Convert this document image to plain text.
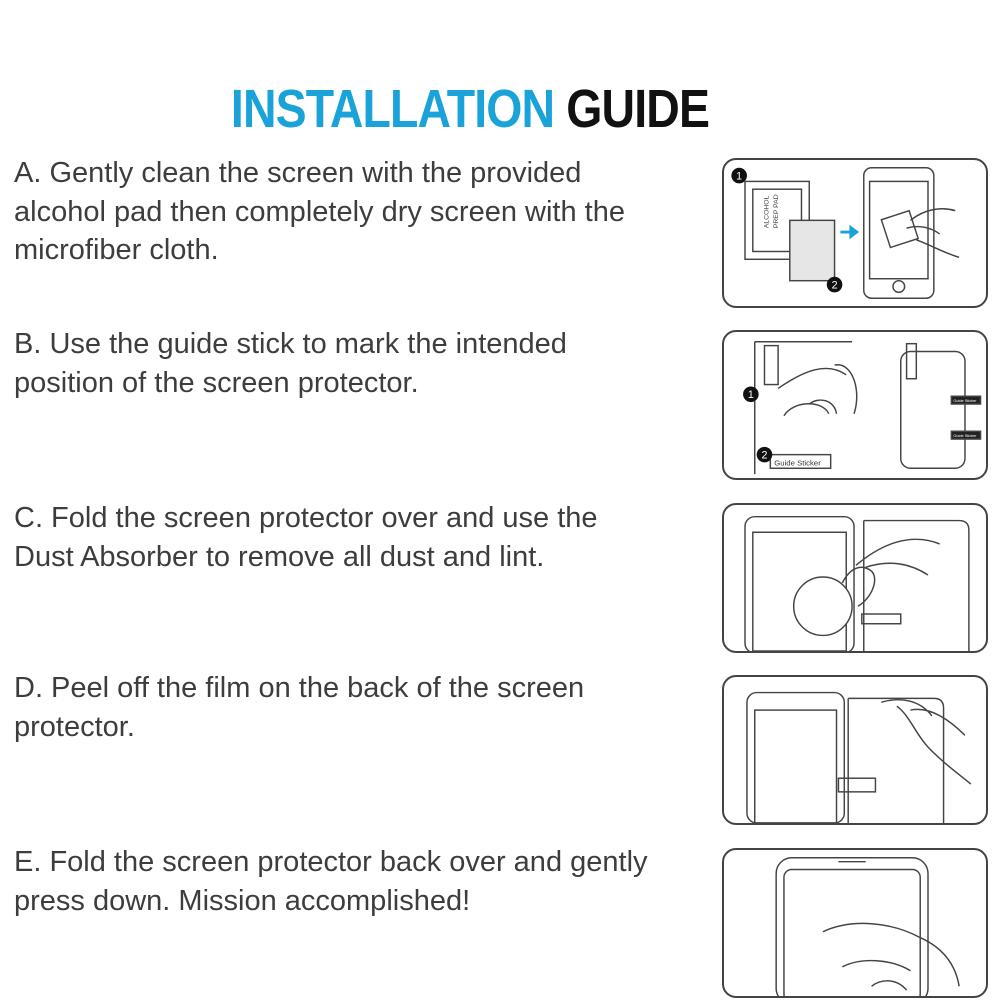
INSTALLATION GUIDE
A. Gently clean the screen with the provided alcohol pad then completely dry screen with the microfiber cloth.
1
2
ALCOHOL PREP PAD
B. Use the guide stick to mark the intended position of the screen protector.	1
2
Guide Sticker
Guide Sticker
Guide Sticker
C. Fold the screen protector over and use the Dust Absorber to remove all dust and lint.
D. Peel off the film on the back of the screen protector.
E. Fold the screen protector back over and gently press down. Mission accomplished!
